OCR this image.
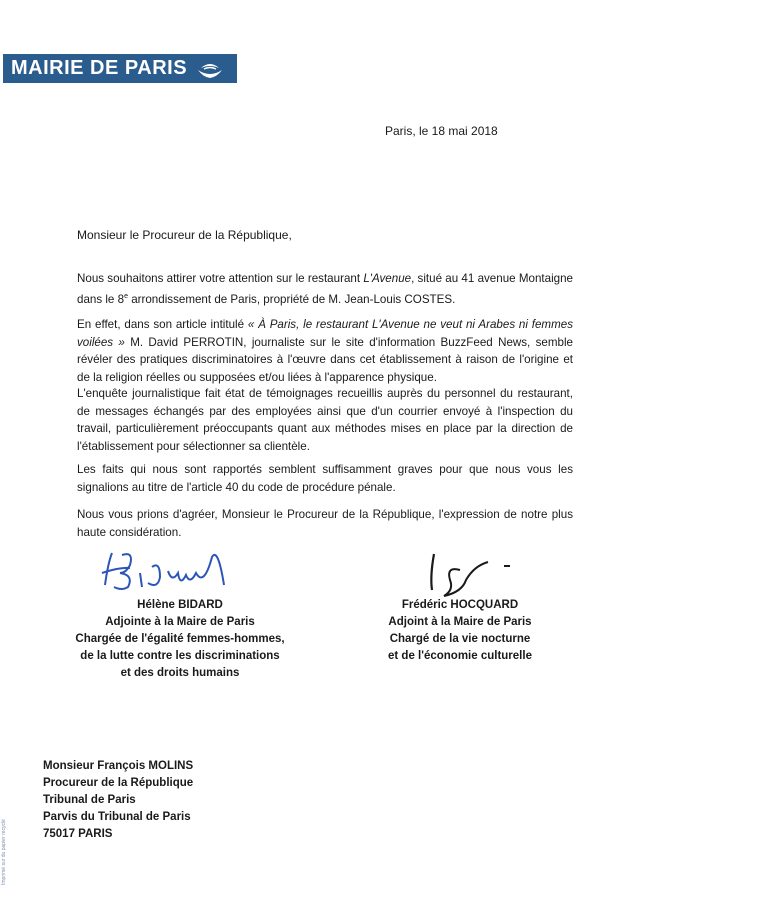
MAIRIE DE PARIS
Paris, le 18 mai 2018
Monsieur le Procureur de la République,
Nous souhaitons attirer votre attention sur le restaurant L'Avenue, situé au 41 avenue Montaigne dans le 8e arrondissement de Paris, propriété de M. Jean-Louis COSTES.
En effet, dans son article intitulé « À Paris, le restaurant L'Avenue ne veut ni Arabes ni femmes voilées » M. David PERROTIN, journaliste sur le site d'information BuzzFeed News, semble révéler des pratiques discriminatoires à l'œuvre dans cet établissement à raison de l'origine et de la religion réelles ou supposées et/ou liées à l'apparence physique.
L'enquête journalistique fait état de témoignages recueillis auprès du personnel du restaurant, de messages échangés par des employées ainsi que d'un courrier envoyé à l'inspection du travail, particulièrement préoccupants quant aux méthodes mises en place par la direction de l'établissement pour sélectionner sa clientèle.
Les faits qui nous sont rapportés semblent suffisamment graves pour que nous vous les signalions au titre de l'article 40 du code de procédure pénale.
Nous vous prions d'agréer, Monsieur le Procureur de la République, l'expression de notre plus haute considération.
Hélène BIDARD
Adjointe à la Maire de Paris
Chargée de l'égalité femmes-hommes,
de la lutte contre les discriminations
et des droits humains
Frédéric HOCQUARD
Adjoint à la Maire de Paris
Chargé de la vie nocturne
et de l'économie culturelle
Monsieur François MOLINS
Procureur de la République
Tribunal de Paris
Parvis du Tribunal de Paris
75017 PARIS
Imprimé sur du papier recyclé
